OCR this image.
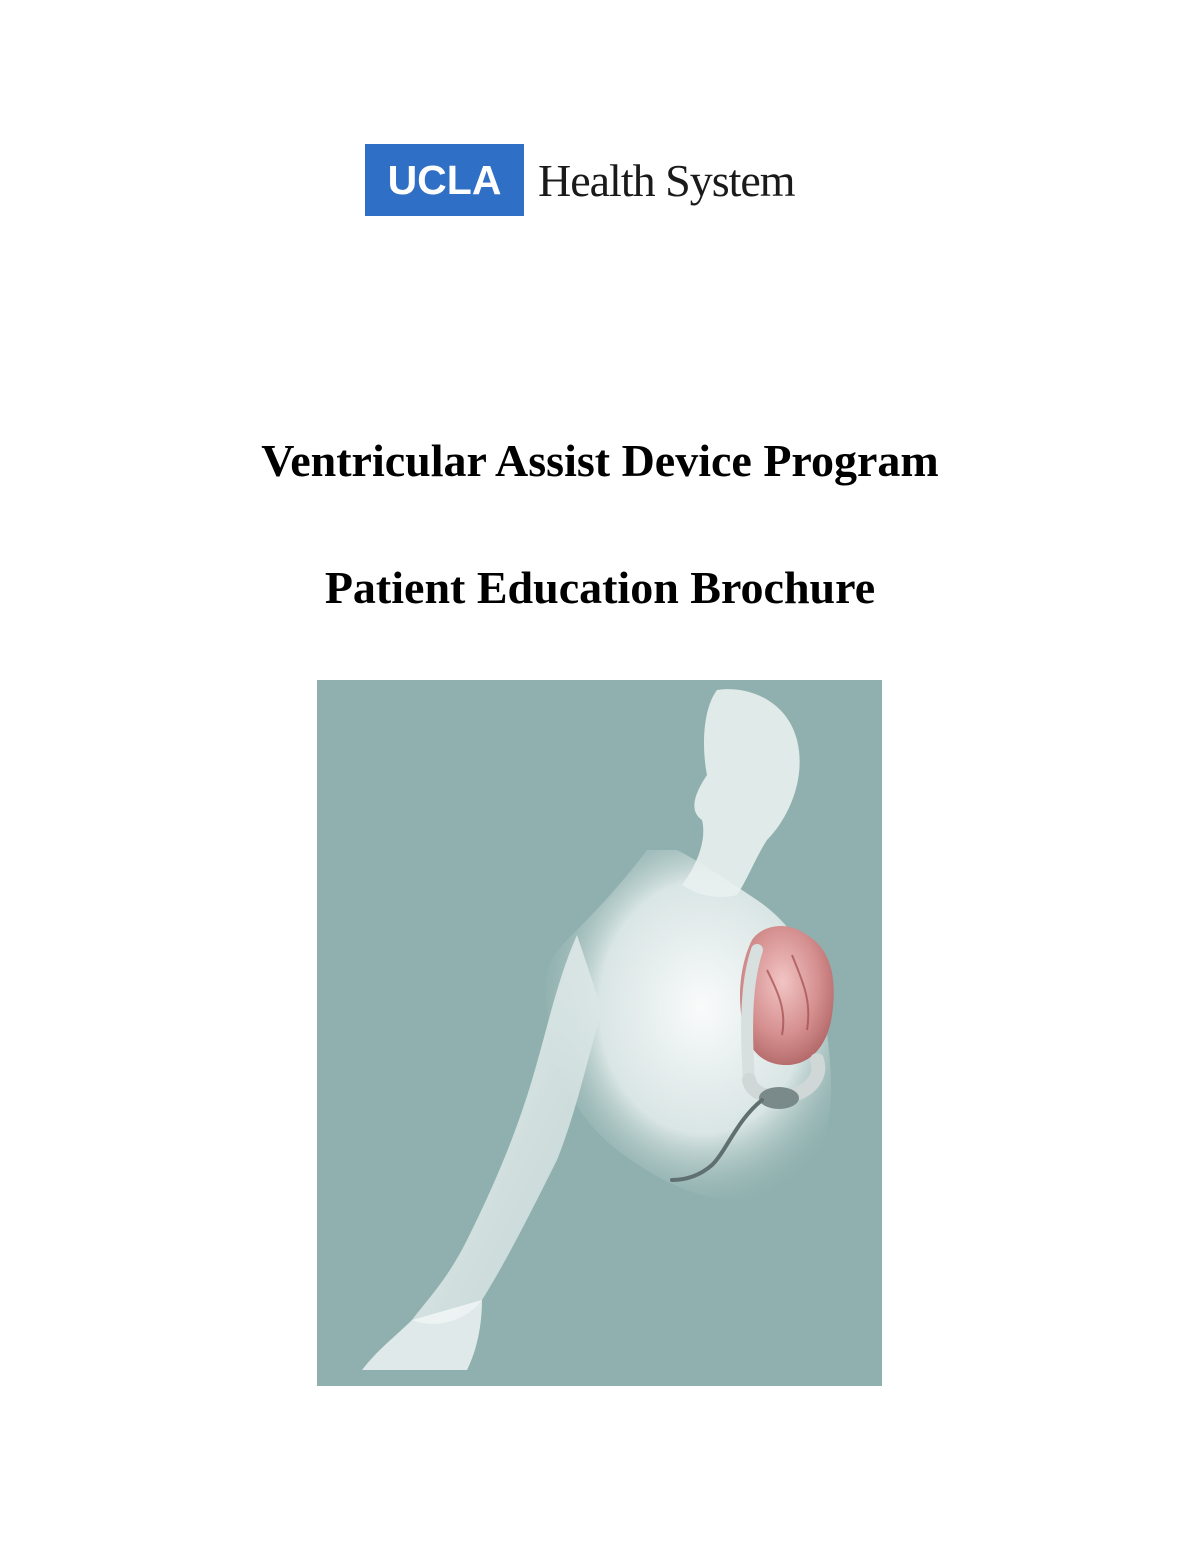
UCLA Health System
Ventricular Assist Device Program
Patient Education Brochure
